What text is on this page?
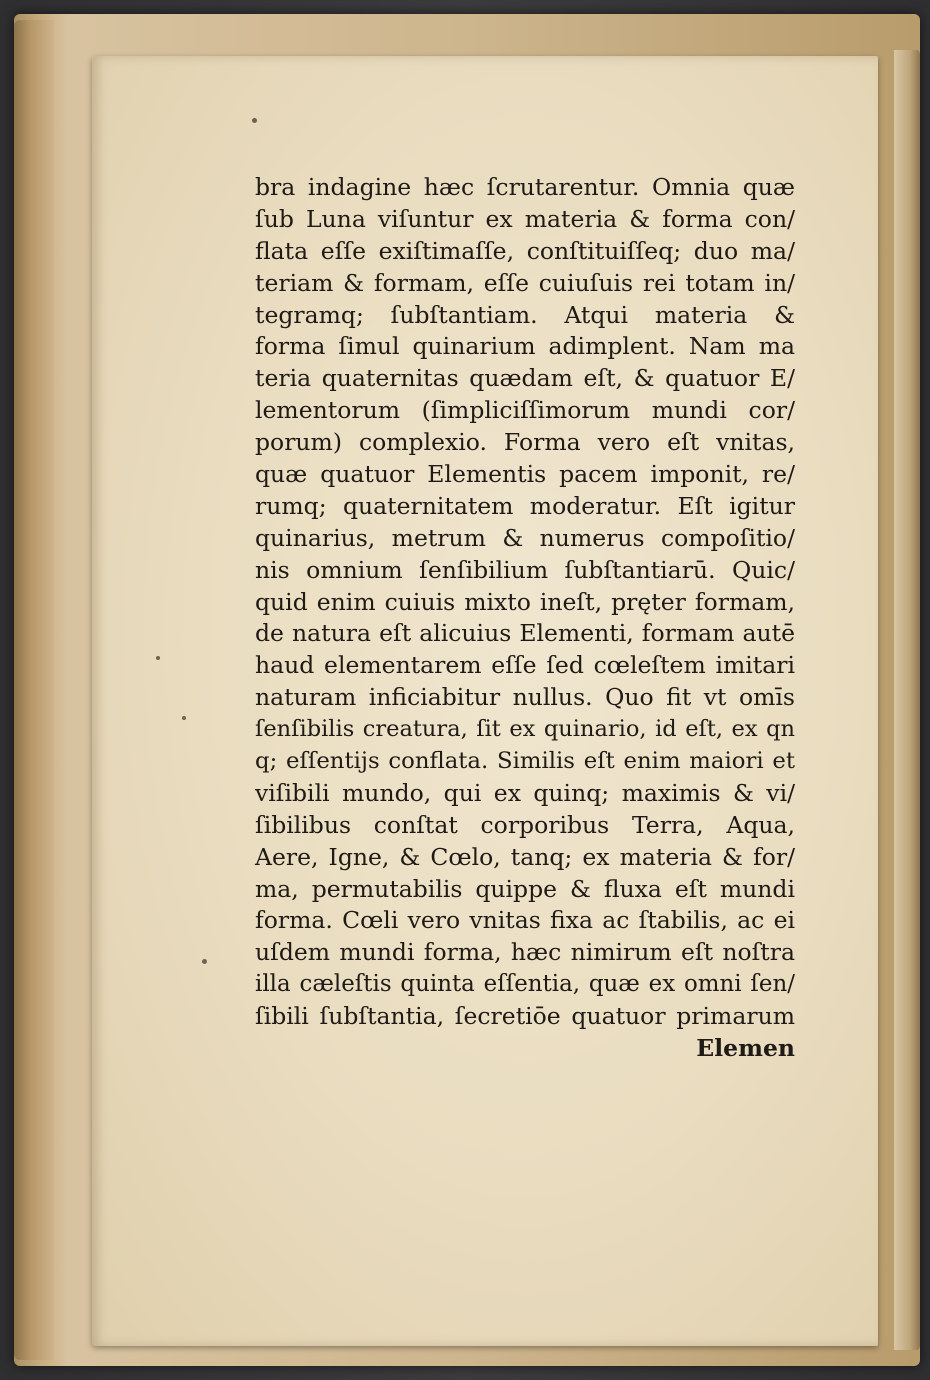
bra indagine hæc ſcrutarentur. Omnia quæ
ſub Luna viſuntur ex materia & forma con/
flata eſſe exiſtimaſſe, conſtituiſſeq; duo ma/
teriam & formam, eſſe cuiuſuis rei totam in/
tegramq; ſubſtantiam. Atqui materia &
forma ſimul quinarium adimplent. Nam ma
teria quaternitas quædam eſt, & quatuor E/
lementorum (ſimpliciſſimorum mundi cor/
porum) complexio. Forma vero eſt vnitas,
quæ quatuor Elementis pacem imponit, re/
rumq; quaternitatem moderatur. Eſt igitur
quinarius, metrum & numerus compoſitio/
nis omnium ſenſibilium ſubſtantiarū. Quic/
quid enim cuiuis mixto ineſt, pręter formam,
de natura eſt alicuius Elementi, formam autē
haud elementarem eſſe ſed cœleſtem imitari
naturam inficiabitur nullus. Quo fit vt omīs
ſenſibilis creatura, ſit ex quinario, id eſt, ex qn
q; eſſentijs conflata. Similis eſt enim maiori et
viſibili mundo, qui ex quinq; maximis & vi/
ſibilibus conſtat corporibus Terra, Aqua,
Aere, Igne, & Cœlo, tanq; ex materia & for/
ma, permutabilis quippe & fluxa eſt mundi
forma. Cœli vero vnitas fixa ac ſtabilis, ac ei
uſdem mundi forma, hæc nimirum eſt noſtra
illa cæleſtis quinta eſſentia, quæ ex omni ſen/
ſibili ſubſtantia, ſecretiōe quatuor primarum
Elemen
